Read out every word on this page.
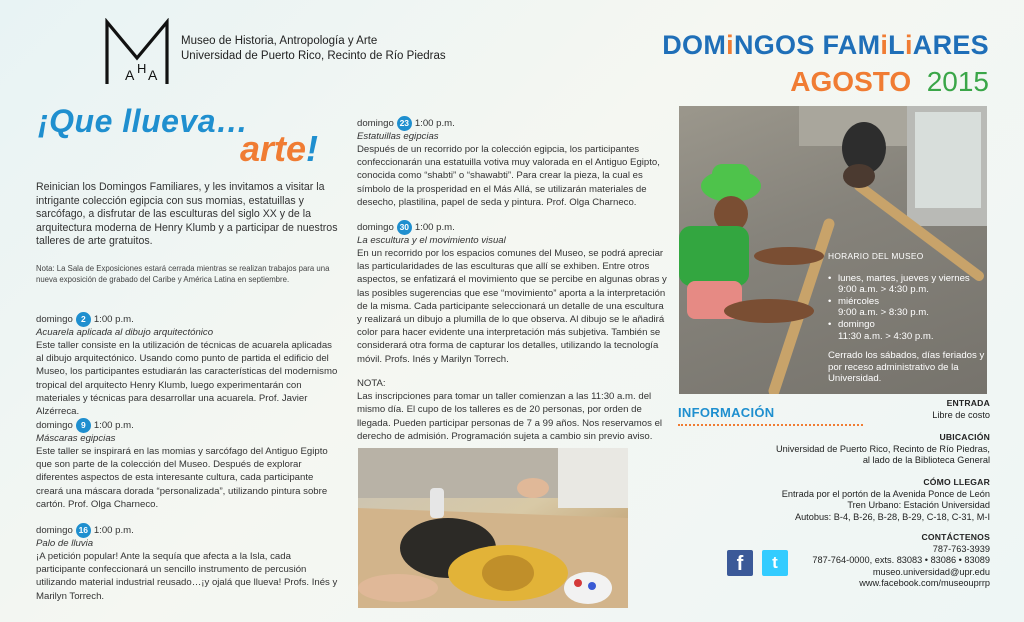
A H A
Museo de Historia, Antropología y Arte
Universidad de Puerto Rico, Recinto de Río Piedras
¡Que llueva…
arte!
Reinician los Domingos Familiares, y les invitamos a visitar la intrigante colección egipcia con sus momias, estatuillas y sarcófago, a disfrutar de las esculturas del siglo XX y de la arquitectura moderna de Henry Klumb y a participar de nuestros talleres de arte gratuitos.
Nota: La Sala de Exposiciones estará cerrada mientras se realizan trabajos para una nueva exposición de grabado del Caribe y América Latina en septiembre.
domingo 2 1:00 p.m.
Acuarela aplicada al dibujo arquitectónico
Este taller consiste en la utilización de técnicas de acuarela aplicadas al dibujo arquitectónico. Usando como punto de partida el edificio del Museo, los participantes estudiarán las características del modernismo tropical del arquitecto Henry Klumb, luego experimentarán con materiales y técnicas para desarrollar una acuarela. Prof. Javier Alzérreca.
domingo 9 1:00 p.m.
Máscaras egipcias
Este taller se inspirará en las momias y sarcófago del Antiguo Egipto que son parte de la colección del Museo. Después de explorar diferentes aspectos de esta interesante cultura, cada participante creará una máscara dorada “personalizada”, utilizando pintura sobre cartón. Prof. Olga Charneco.
domingo 16 1:00 p.m.
Palo de lluvia
¡A petición popular! Ante la sequía que afecta a la Isla, cada participante confeccionará un sencillo instrumento de percusión utilizando material industrial reusado…¡y ojalá que llueva! Profs. Inés y Marilyn Torrech.
domingo 23 1:00 p.m.
Estatuillas egipcias
Después de un recorrido por la colección egipcia, los participantes confeccionarán una estatuilla votiva muy valorada en el Antiguo Egipto, conocida como “shabti” o “shawabti”. Para crear la pieza, la cual es símbolo de la prosperidad en el Más Allá, se utilizarán materiales de desecho, plastilina, papel de seda y pintura. Prof. Olga Charneco.
domingo 30 1:00 p.m.
La escultura y el movimiento visual
En un recorrido por los espacios comunes del Museo, se podrá apreciar las particularidades de las esculturas que allí se exhiben. Entre otros aspectos, se enfatizará el movimiento que se percibe en algunas obras y las posibles sugerencias que ese “movimiento” aporta a la interpretación de la misma. Cada participante seleccionará un detalle de una escultura y realizará un dibujo a plumilla de lo que observa. Al dibujo se le añadirá color para hacer evidente una interpretación más subjetiva. También se considerará otra forma de capturar los detalles, utilizando la tecnología móvil. Profs. Inés y Marilyn Torrech.
NOTA:
Las inscripciones para tomar un taller comienzan a las 11:30 a.m. del mismo día. El cupo de los talleres es de 20 personas, por orden de llegada. Pueden participar personas de 7 a 99 años. Nos reservamos el derecho de admisión. Programación sujeta a cambio sin previo aviso.
HORARIO DEL MUSEO
• lunes, martes, jueves y viernes
9:00 a.m. > 4:30 p.m.
• miércoles
9:00 a.m. > 8:30 p.m.
• domingo
11:30 a.m. > 4:30 p.m.
Cerrado los sábados, días feriados y por receso administrativo de la Universidad.
DOMiNGOS FAMiLiARES
AGOSTO 2015
INFORMACIÓN
ENTRADA
Libre de costo
UBICACIÓN
Universidad de Puerto Rico, Recinto de Río Piedras,
al lado de la Biblioteca General
CÓMO LLEGAR
Entrada por el portón de la Avenida Ponce de León
Tren Urbano: Estación Universidad
Autobus: B-4, B-26, B-28, B-29, C-18, C-31, M-I
CONTÁCTENOS
787-763-3939
787-764-0000, exts. 83083 • 83086 • 83089
museo.universidad@upr.edu
www.facebook.com/museouprrp
f	t
